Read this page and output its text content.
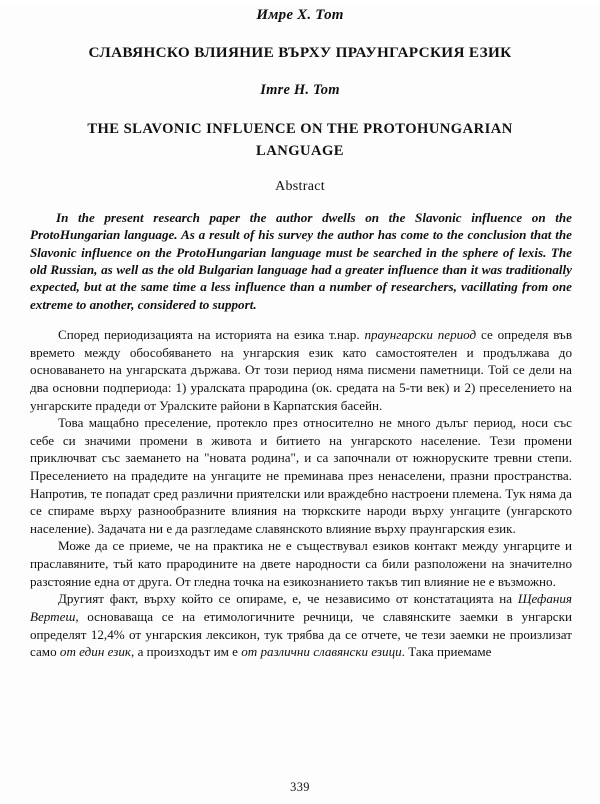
Имре Х. Тот
СЛАВЯНСКО ВЛИЯНИЕ ВЪРХУ ПРАУНГАРСКИЯ ЕЗИК
Imre H. Tom
THE SLAVONIC INFLUENCE ON THE PROTOHUNGARIAN LANGUAGE
Abstract
In the present research paper the author dwells on the Slavonic influence on the ProtoHungarian language. As a result of his survey the author has come to the conclusion that the Slavonic influence on the ProtoHungarian language must be searched in the sphere of lexis. The old Russian, as well as the old Bulgarian language had a greater influence than it was traditionally expected, but at the same time a less influence than a number of researchers, vacillating from one extreme to another, considered to support.

Според периодизацията на историята на езика т.нар. праунгарски период се определя във времето между обособяването на унгарския език като самостоятелен и продължава до основаването на унгарската държава. От този период няма писмени паметници. Той се дели на два основни подпериода: 1) уралската прародина (ок. средата на 5-ти век) и 2) преселението на унгарските прадеди от Уралските райони в Карпатския басейн.

Това мащабно преселение, протекло през относително не много дълъг период, носи със себе си значими промени в живота и битието на унгарското население. Тези промени приключват със заемането на "новата родина", и са започнали от южноруските тревни степи. Преселението на прадедите на унгаците не преминава през ненаселени, празни пространства. Напротив, те попадат сред различни приятелски или враждебно настроени племена. Тук няма да се спираме върху разнообразните влияния на тюркските народи върху унгаците (унгарското население). Задачата ни е да разгледаме славянското влияние върху праунгарския език.

Може да се приеме, че на практика не е съществувал езиков контакт между унгарците и праславяните, тъй като прародините на двете народности са били разположени на значително разстояние една от друга. От гледна точка на езикознанието такъв тип влияние не е възможно.

Другият факт, върху който се опираме, е, че независимо от констатацията на Щефания Вертеш, основаваща се на етимологичните речници, че славянските заемки в унгарски определят 12,4% от унгарския лексикон, тук трябва да се отчете, че тези заемки не произлизат само от един език, а произходът им е от различни славянски езици. Така приемаме

339
